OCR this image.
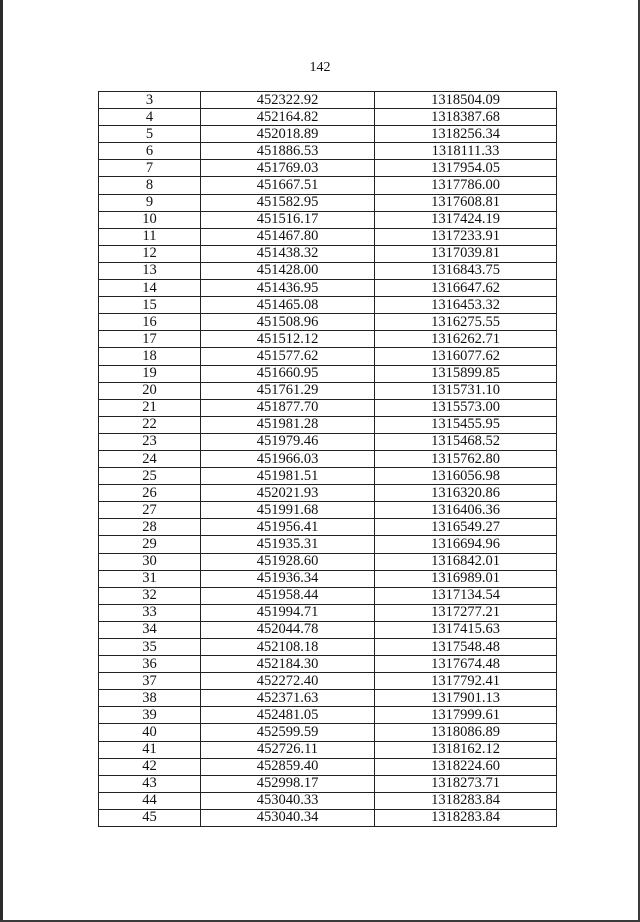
142
3	452322.92	1318504.09
4	452164.82	1318387.68
5	452018.89	1318256.34
6	451886.53	1318111.33
7	451769.03	1317954.05
8	451667.51	1317786.00
9	451582.95	1317608.81
10	451516.17	1317424.19
11	451467.80	1317233.91
12	451438.32	1317039.81
13	451428.00	1316843.75
14	451436.95	1316647.62
15	451465.08	1316453.32
16	451508.96	1316275.55
17	451512.12	1316262.71
18	451577.62	1316077.62
19	451660.95	1315899.85
20	451761.29	1315731.10
21	451877.70	1315573.00
22	451981.28	1315455.95
23	451979.46	1315468.52
24	451966.03	1315762.80
25	451981.51	1316056.98
26	452021.93	1316320.86
27	451991.68	1316406.36
28	451956.41	1316549.27
29	451935.31	1316694.96
30	451928.60	1316842.01
31	451936.34	1316989.01
32	451958.44	1317134.54
33	451994.71	1317277.21
34	452044.78	1317415.63
35	452108.18	1317548.48
36	452184.30	1317674.48
37	452272.40	1317792.41
38	452371.63	1317901.13
39	452481.05	1317999.61
40	452599.59	1318086.89
41	452726.11	1318162.12
42	452859.40	1318224.60
43	452998.17	1318273.71
44	453040.33	1318283.84
45	453040.34	1318283.84
